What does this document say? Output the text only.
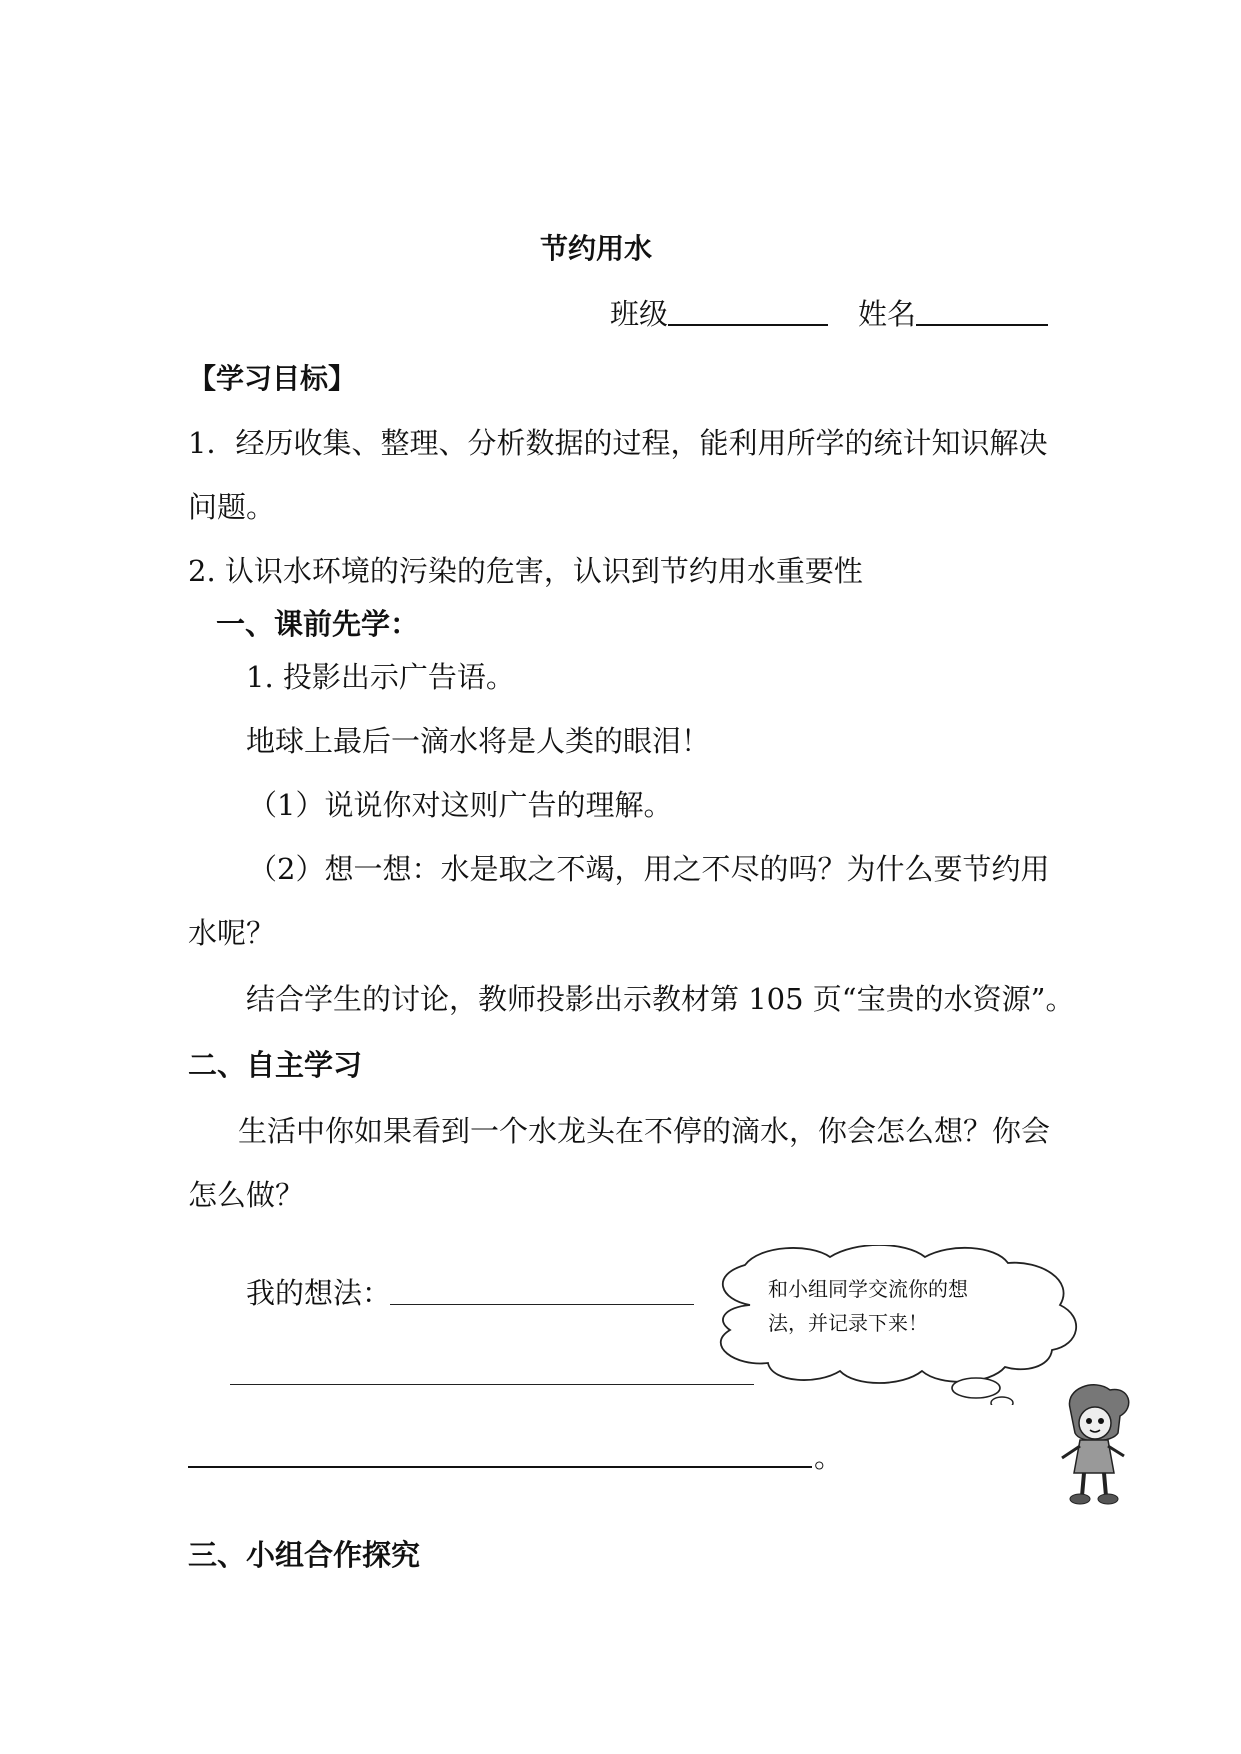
节约用水
班级	姓名
【学习目标】
1．经历收集、整理、分析数据的过程，能利用所学的统计知识解决
问题。
2. 认识水环境的污染的危害，认识到节约用水重要性
一、课前先学：
1. 投影出示广告语。
地球上最后一滴水将是人类的眼泪！
（1）说说你对这则广告的理解。
（2）想一想：水是取之不竭，用之不尽的吗？为什么要节约用
水呢？
结合学生的讨论，教师投影出示教材第 105 页“宝贵的水资源”。
二、自主学习
生活中你如果看到一个水龙头在不停的滴水，你会怎么想？你会
怎么做？
我的想法：
。
和小组同学交流你的想法，并记录下来！
三、小组合作探究
